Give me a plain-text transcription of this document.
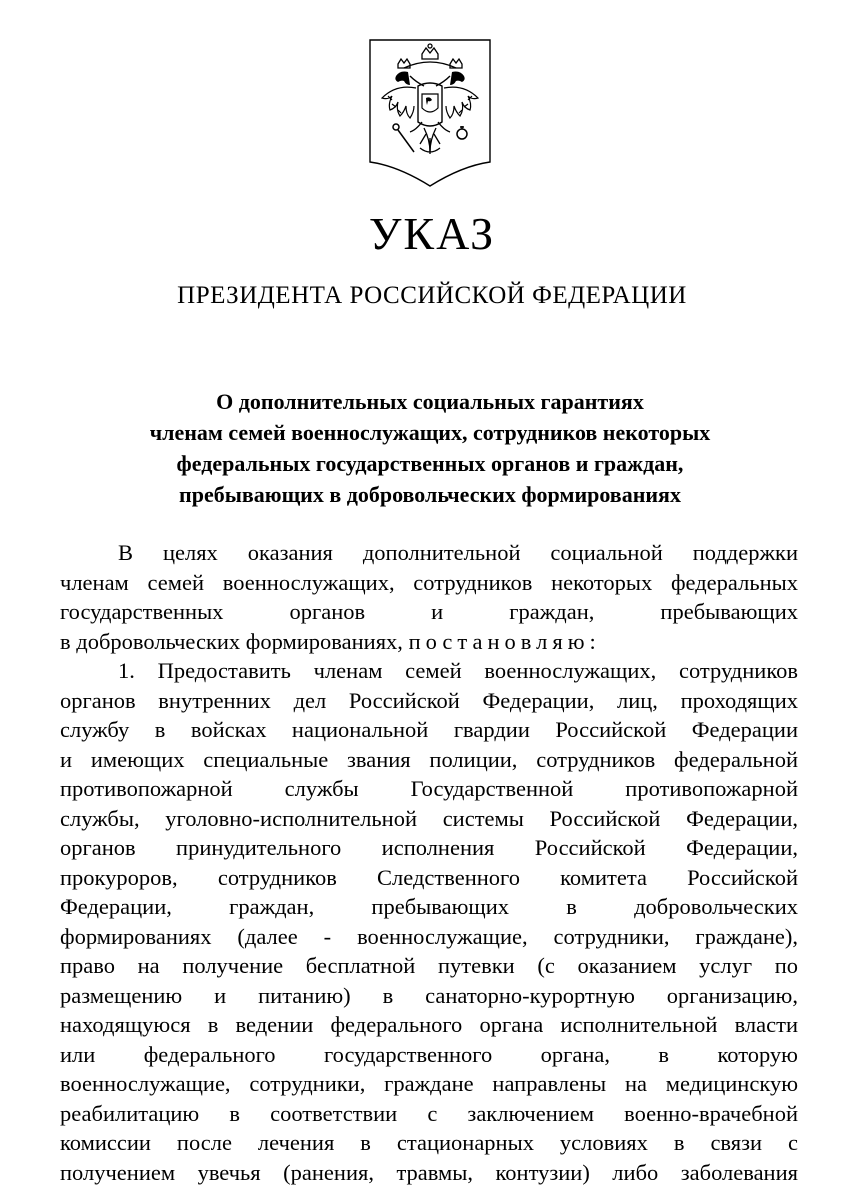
УКАЗ
ПРЕЗИДЕНТА РОССИЙСКОЙ ФЕДЕРАЦИИ
О дополнительных социальных гарантиях
членам семей военнослужащих, сотрудников некоторых
федеральных государственных органов и граждан,
пребывающих в добровольческих формированиях
В целях оказания дополнительной социальной поддержки
членам семей военнослужащих, сотрудников некоторых федеральных
государственных органов и граждан, пребывающих
в добровольческих формированиях, постановляю:
1. Предоставить членам семей военнослужащих, сотрудников
органов внутренних дел Российской Федерации, лиц, проходящих
службу в войсках национальной гвардии Российской Федерации
и имеющих специальные звания полиции, сотрудников федеральной
противопожарной службы Государственной противопожарной
службы, уголовно-исполнительной системы Российской Федерации,
органов принудительного исполнения Российской Федерации,
прокуроров, сотрудников Следственного комитета Российской
Федерации, граждан, пребывающих в добровольческих
формированиях (далее - военнослужащие, сотрудники, граждане),
право на получение бесплатной путевки (с оказанием услуг по
размещению и питанию) в санаторно-курортную организацию,
находящуюся в ведении федерального органа исполнительной власти
или федерального государственного органа, в которую
военнослужащие, сотрудники, граждане направлены на медицинскую
реабилитацию в соответствии с заключением военно-врачебной
комиссии после лечения в стационарных условиях в связи с
получением увечья (ранения, травмы, контузии) либо заболевания
